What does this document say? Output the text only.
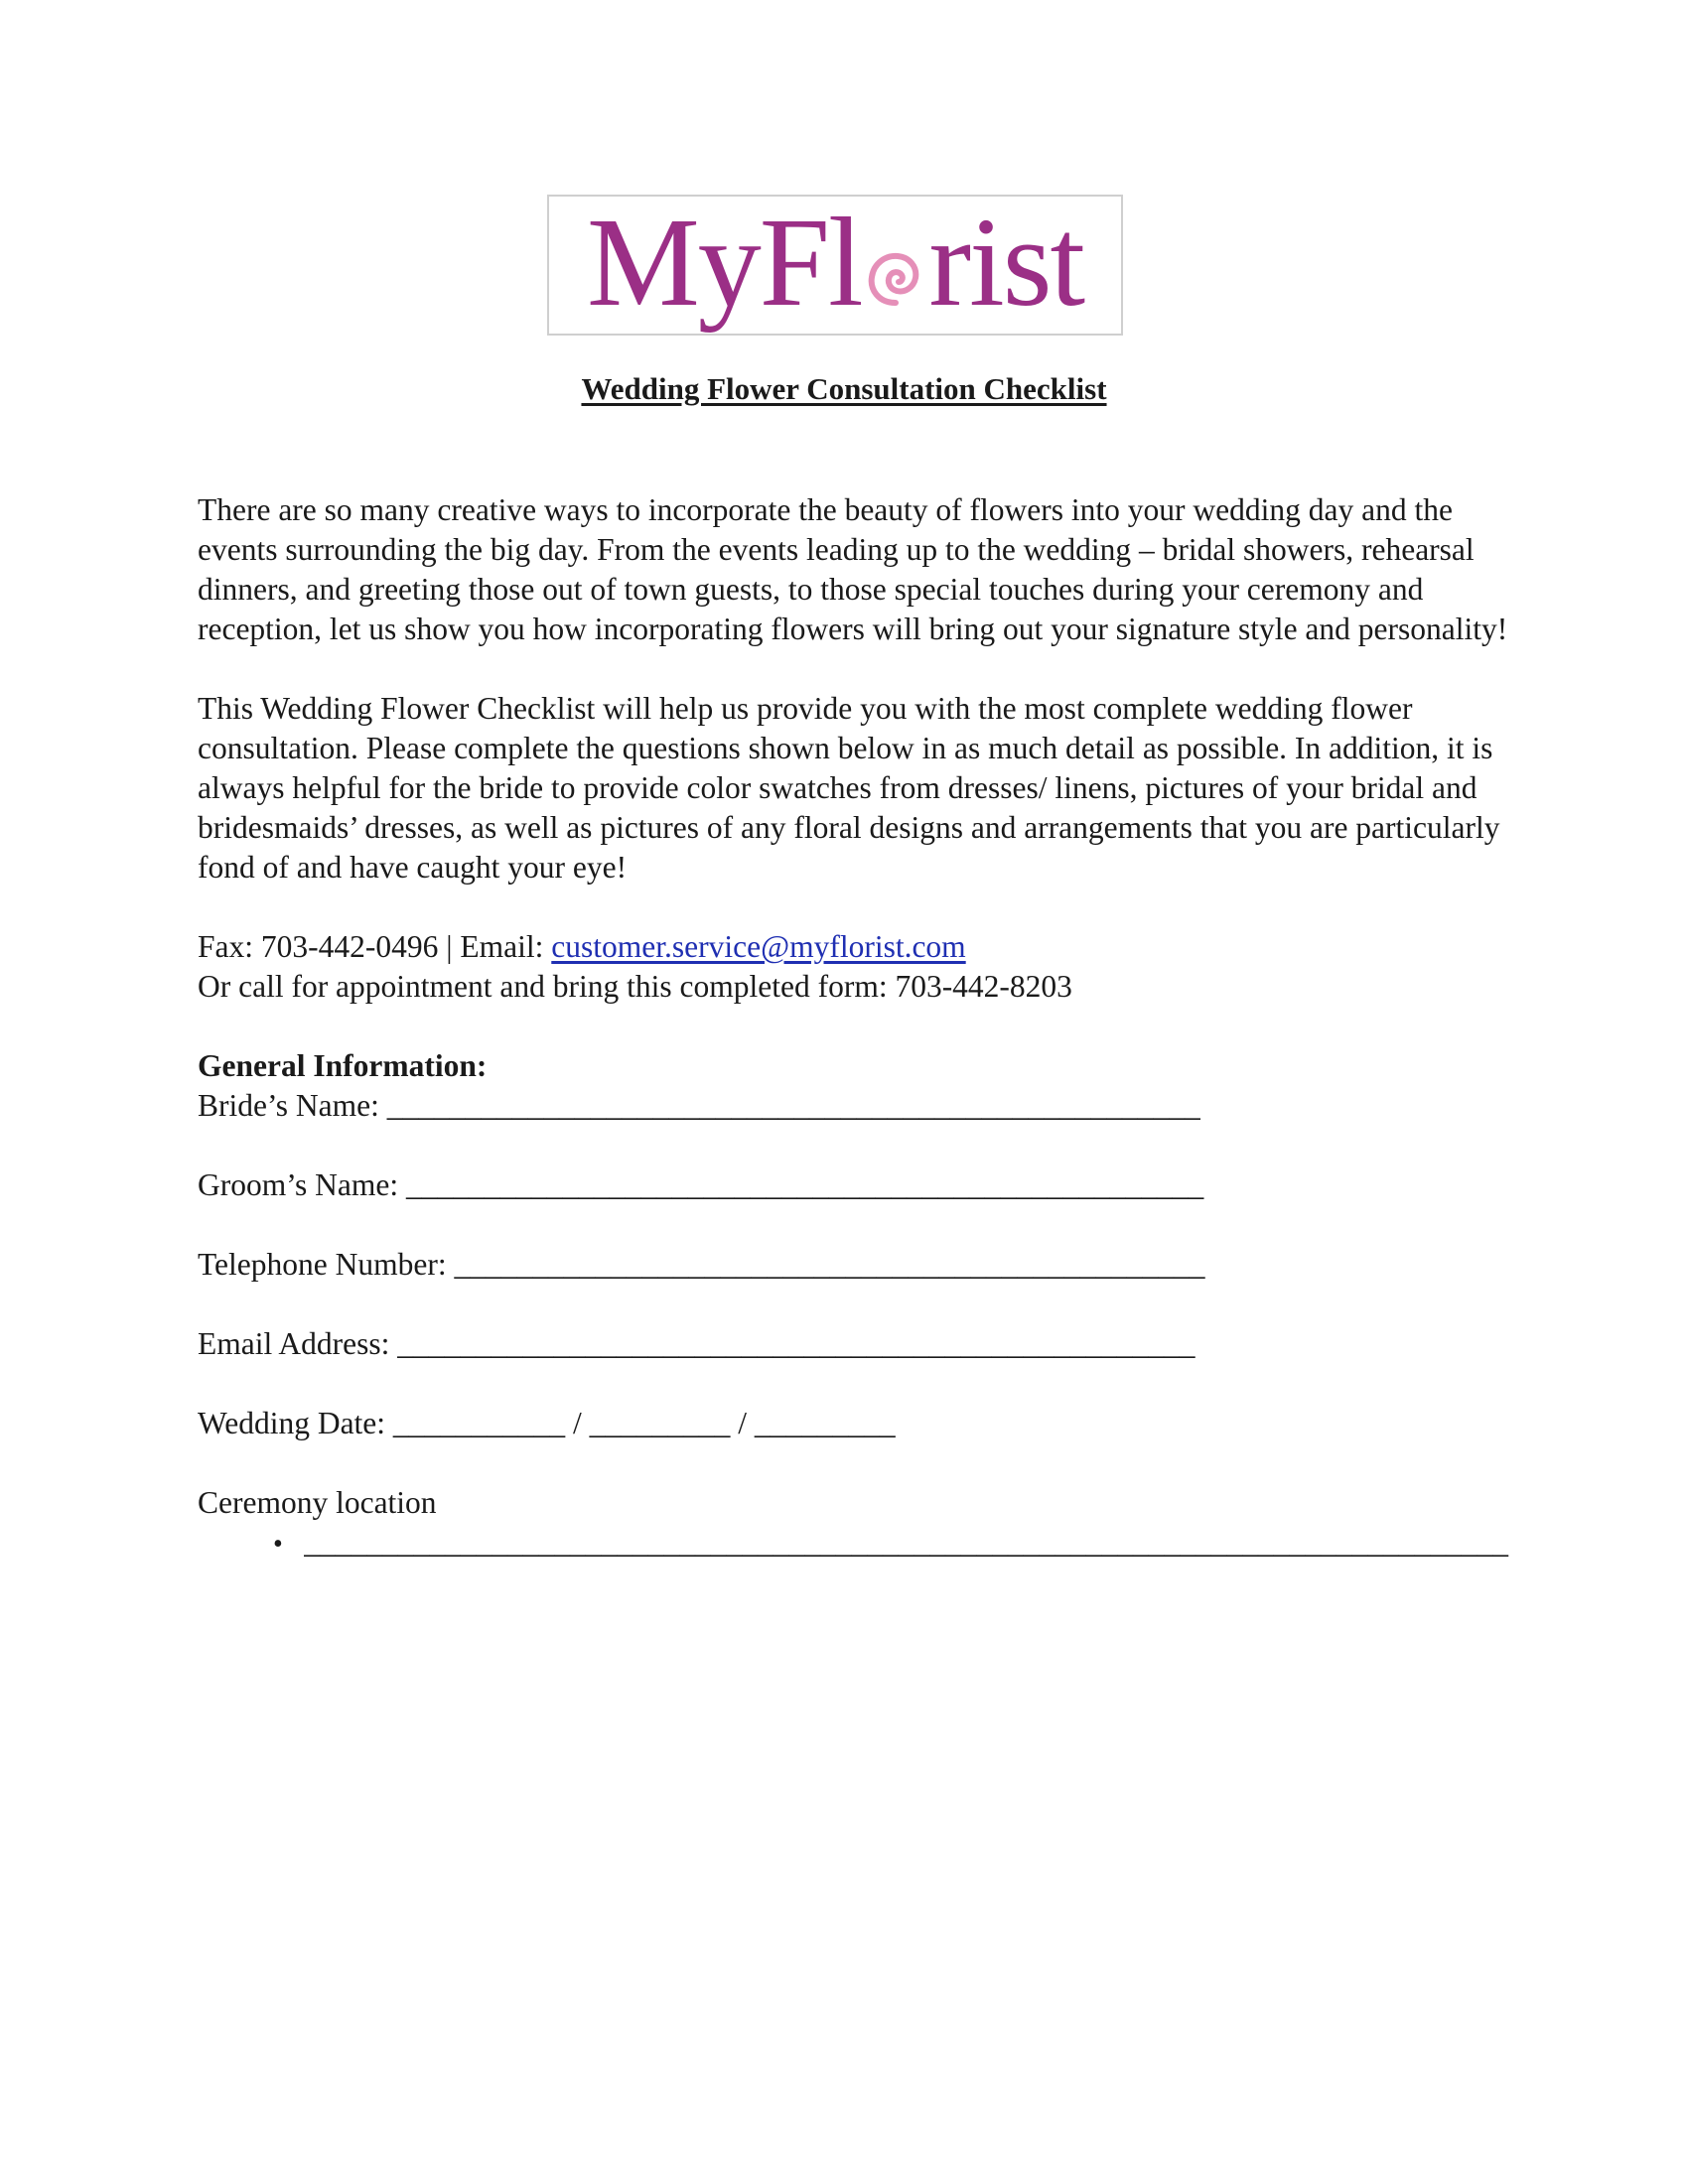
MyFl rist
Wedding Flower Consultation Checklist

There are so many creative ways to incorporate the beauty of flowers into your wedding day and the events surrounding the big day. From the events leading up to the wedding – bridal showers, rehearsal dinners, and greeting those out of town guests, to those special touches during your ceremony and reception, let us show you how incorporating flowers will bring out your signature style and personality!

This Wedding Flower Checklist will help us provide you with the most complete wedding flower consultation. Please complete the questions shown below in as much detail as possible. In addition, it is always helpful for the bride to provide color swatches from dresses/ linens, pictures of your bridal and bridesmaids’ dresses, as well as pictures of any floral designs and arrangements that you are particularly fond of and have caught your eye!

Fax: 703-442-0496 | Email: customer.service@myflorist.com

Or call for appointment and bring this completed form: 703-442-8203

General Information:
Bride’s Name: ____________________________________________________
Groom’s Name: ___________________________________________________
Telephone Number: ________________________________________________
Email Address: ___________________________________________________
Wedding Date: ___________ / _________ / _________
Ceremony location
• _____________________________________________________________________________
